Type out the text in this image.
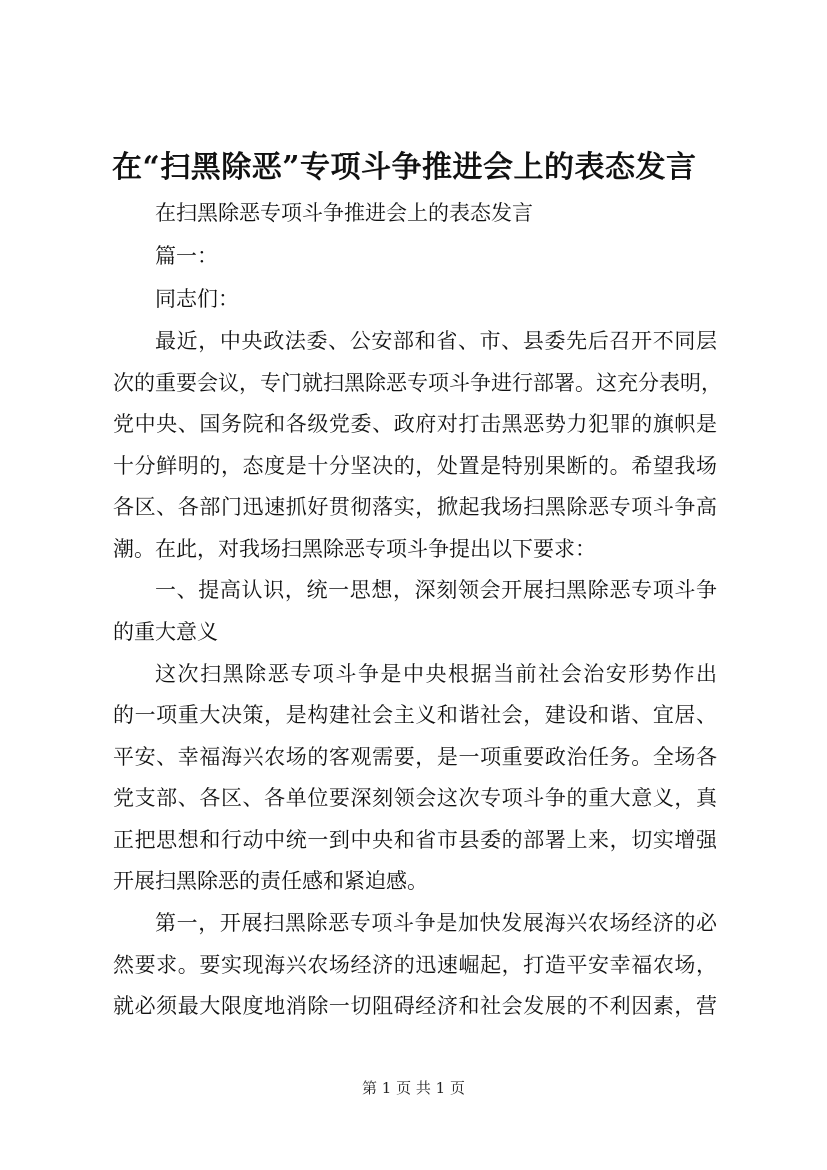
在“扫黑除恶”专项斗争推进会上的表态发言
在扫黑除恶专项斗争推进会上的表态发言
篇一：
同志们：
最近，中央政法委、公安部和省、市、县委先后召开不同层
次的重要会议，专门就扫黑除恶专项斗争进行部署。这充分表明，
党中央、国务院和各级党委、政府对打击黑恶势力犯罪的旗帜是
十分鲜明的，态度是十分坚决的，处置是特别果断的。希望我场
各区、各部门迅速抓好贯彻落实，掀起我场扫黑除恶专项斗争高
潮。在此，对我场扫黑除恶专项斗争提出以下要求：
一、提高认识，统一思想，深刻领会开展扫黑除恶专项斗争
的重大意义
这次扫黑除恶专项斗争是中央根据当前社会治安形势作出
的一项重大决策，是构建社会主义和谐社会，建设和谐、宜居、
平安、幸福海兴农场的客观需要，是一项重要政治任务。全场各
党支部、各区、各单位要深刻领会这次专项斗争的重大意义，真
正把思想和行动中统一到中央和省市县委的部署上来，切实增强
开展扫黑除恶的责任感和紧迫感。
第一，开展扫黑除恶专项斗争是加快发展海兴农场经济的必
然要求。要实现海兴农场经济的迅速崛起，打造平安幸福农场，
就必须最大限度地消除一切阻碍经济和社会发展的不利因素，营
第 1 页 共 1 页
